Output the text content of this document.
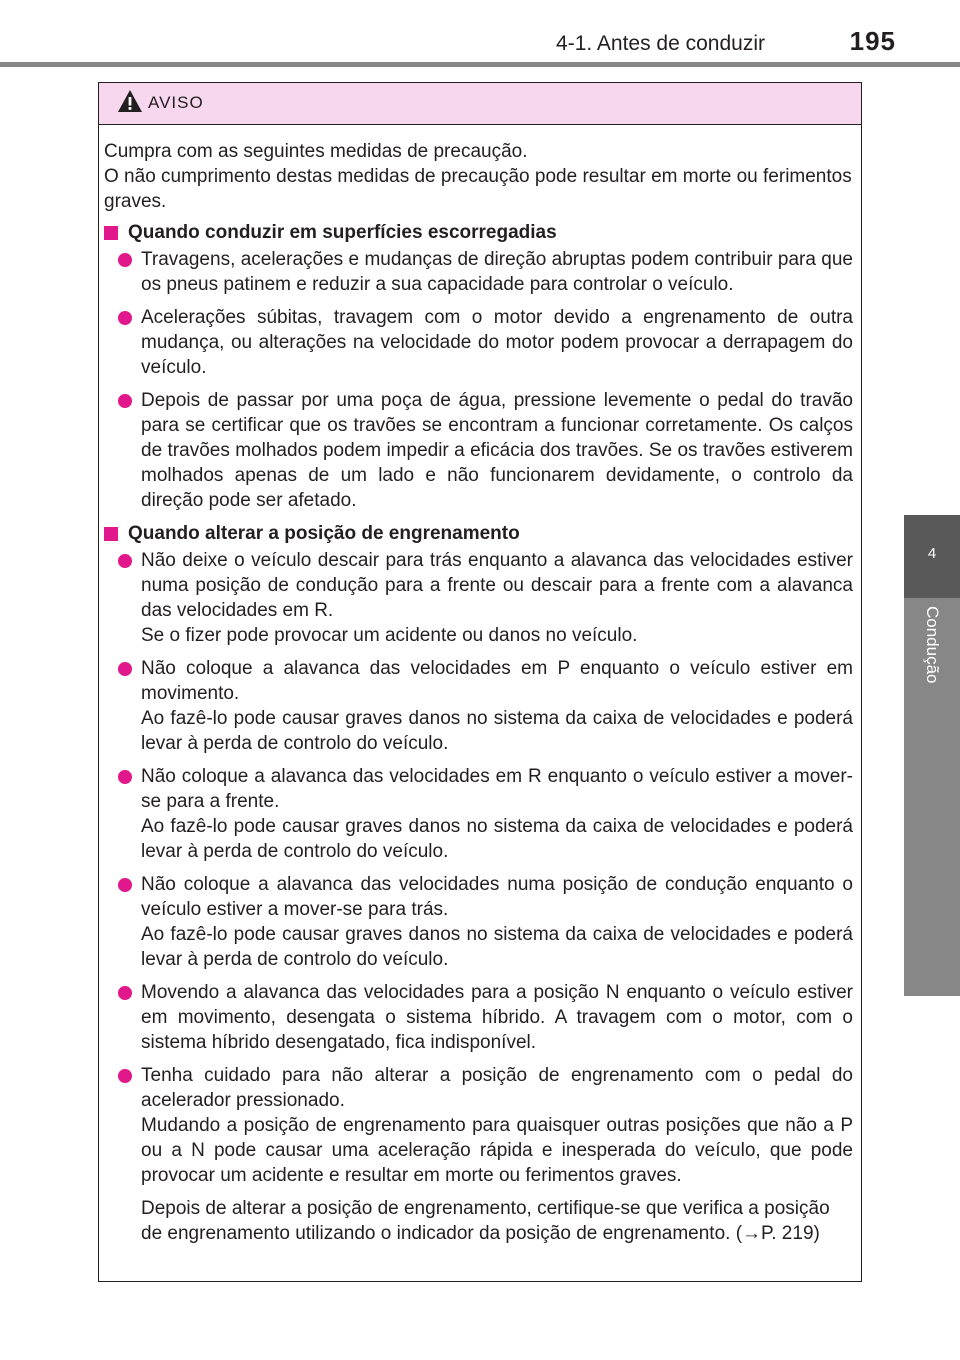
4-1. Antes de conduzir	195
4
Condução
AVISO
Cumpra com as seguintes medidas de precaução.
O não cumprimento destas medidas de precaução pode resultar em morte ou ferimentos graves.
Quando conduzir em superfícies escorregadias

Travagens, acelerações e mudanças de direção abruptas podem contribuir para que os pneus patinem e reduzir a sua capacidade para controlar o veículo.

Acelerações súbitas, travagem com o motor devido a engrenamento de outra mudança, ou alterações na velocidade do motor podem provocar a derrapagem do veículo.

Depois de passar por uma poça de água, pressione levemente o pedal do travão para se certificar que os travões se encontram a funcionar corretamente. Os calços de travões molhados podem impedir a eficácia dos travões. Se os travões estiverem molhados apenas de um lado e não funcionarem devidamente, o controlo da direção pode ser afetado.

Quando alterar a posição de engrenamento

Não deixe o veículo descair para trás enquanto a alavanca das velocidades estiver numa posição de condução para a frente ou descair para a frente com a alavanca das velocidades em R.

Se o fizer pode provocar um acidente ou danos no veículo.

Não coloque a alavanca das velocidades em P enquanto o veículo estiver em movimento.

Ao fazê-lo pode causar graves danos no sistema da caixa de velocidades e poderá levar à perda de controlo do veículo.

Não coloque a alavanca das velocidades em R enquanto o veículo estiver a mover-se para a frente.

Ao fazê-lo pode causar graves danos no sistema da caixa de velocidades e poderá levar à perda de controlo do veículo.

Não coloque a alavanca das velocidades numa posição de condução enquanto o veículo estiver a mover-se para trás.

Ao fazê-lo pode causar graves danos no sistema da caixa de velocidades e poderá levar à perda de controlo do veículo.

Movendo a alavanca das velocidades para a posição N enquanto o veículo estiver em movimento, desengata o sistema híbrido. A travagem com o motor, com o sistema híbrido desengatado, fica indisponível.

Tenha cuidado para não alterar a posição de engrenamento com o pedal do acelerador pressionado.

Mudando a posição de engrenamento para quaisquer outras posições que não a P ou a N pode causar uma aceleração rápida e inesperada do veículo, que pode provocar um acidente e resultar em morte ou ferimentos graves.

Depois de alterar a posição de engrenamento, certifique-se que verifica a posição de engrenamento utilizando o indicador da posição de engrenamento. (→P. 219)
